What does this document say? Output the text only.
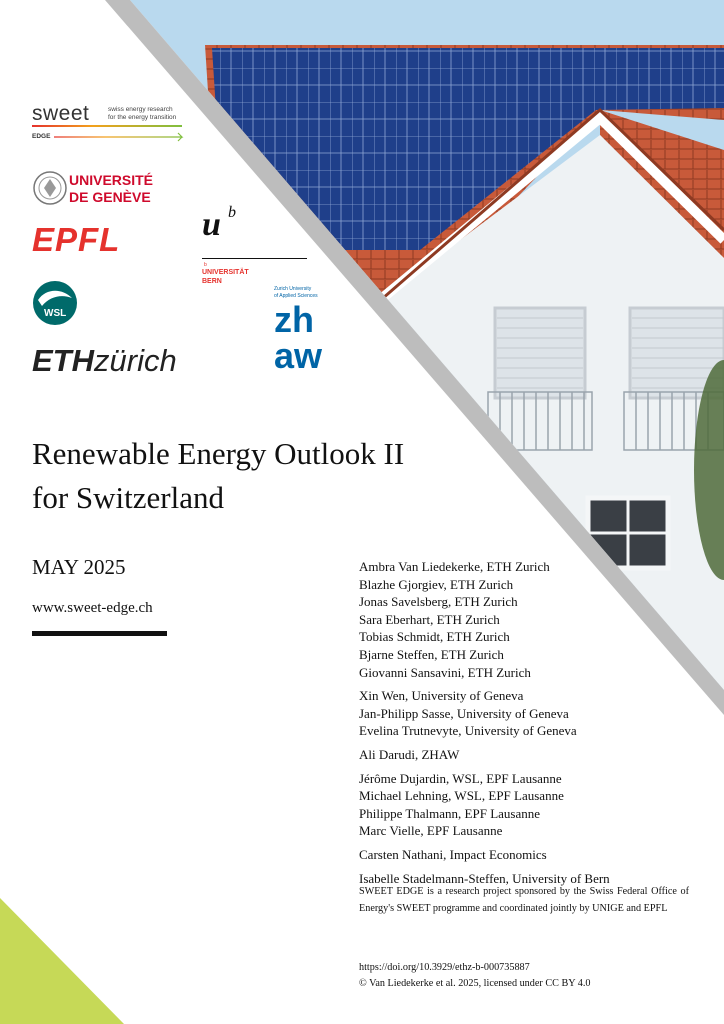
sweet	swiss energy research
for the energy transition
EDGE
UNIVERSITÉ
DE GENÈVE
EPFL u b
b
UNIVERSITÄT
BERN
WSL
Zurich University
of Applied Sciences
zh
aw
ETHzürich
Renewable Energy Outlook II
for Switzerland
MAY 2025
www.sweet-edge.ch
Ambra Van Liedekerke, ETH Zurich
Blazhe Gjorgiev, ETH Zurich
Jonas Savelsberg, ETH Zurich
Sara Eberhart, ETH Zurich
Tobias Schmidt, ETH Zurich
Bjarne Steffen, ETH Zurich
Giovanni Sansavini, ETH Zurich
Xin Wen, University of Geneva
Jan-Philipp Sasse, University of Geneva
Evelina Trutnevyte, University of Geneva
Ali Darudi, ZHAW
Jérôme Dujardin, WSL, EPF Lausanne
Michael Lehning, WSL, EPF Lausanne
Philippe Thalmann, EPF Lausanne
Marc Vielle, EPF Lausanne
Carsten Nathani, Impact Economics
Isabelle Stadelmann-Steffen, University of Bern
SWEET EDGE is a research project sponsored by the Swiss Federal Office of Energy's SWEET programme and coordinated jointly by UNIGE and EPFL
https://doi.org/10.3929/ethz-b-000735887
© Van Liedekerke et al. 2025, licensed under CC BY 4.0
